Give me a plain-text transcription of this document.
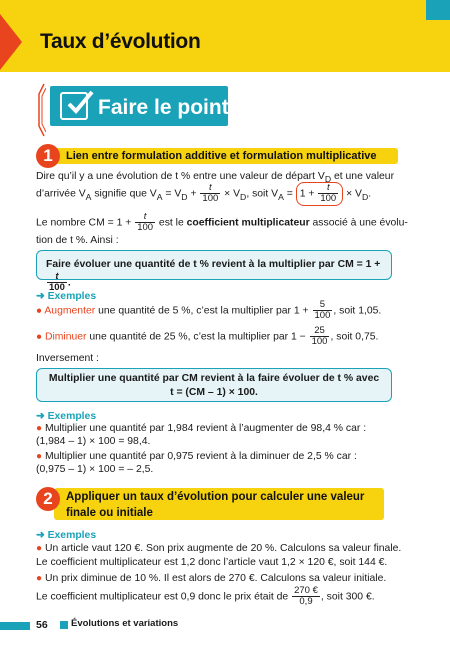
Taux d’évolution
Faire le point
Lien entre formulation additive et formulation multiplicative
1
Dire qu’il y a une évolution de t % entre une valeur de départ $V_D$ et une valeur
d’arrivée $V_A$ signifie que $V_A = V_D + \frac{t}{100} \times V_D$, soit $V_A = 1 + \frac{t}{100} \times V_D$.
Le nombre CM = $1 + \frac{t}{100}$ est le coefficient multiplicateur associé à une évolu-
tion de t %. Ainsi :
Faire évoluer une quantité de t % revient à la multiplier par CM = 1 +
$\frac{t}{100}$ .
➜ Exemples
● Augmenter une quantité de 5 %, c’est la multiplier par $1 + \frac{5}{100}$ , soit 1,05.
● Diminuer une quantité de 25 %, c’est la multiplier par $1 - \frac{25}{100}$ , soit 0,75.
Inversement :
Multiplier une quantité par CM revient à la faire évoluer de t % avec
t = (CM – 1) × 100.
➜ Exemples
● Multiplier une quantité par 1,984 revient à l’augmenter de 98,4 % car :
(1,984 – 1) × 100 = 98,4.
● Multiplier une quantité par 0,975 revient à la diminuer de 2,5 % car :
(0,975 – 1) × 100 = – 2,5.
Appliquer un taux d’évolution pour calculer une valeur
finale ou initiale
2
➜ Exemples
● Un article vaut 120 €. Son prix augmente de 20 %. Calculons sa valeur finale.
Le coefficient multiplicateur est 1,2 donc l’article vaut 1,2 × 120 €, soit 144 €.
● Un prix diminue de 10 %. Il est alors de 270 €. Calculons sa valeur initiale.
Le coefficient multiplicateur est 0,9 donc le prix était de $\frac{270 €}{0,9}$ , soit 300 €.
56 Évolutions et variations
